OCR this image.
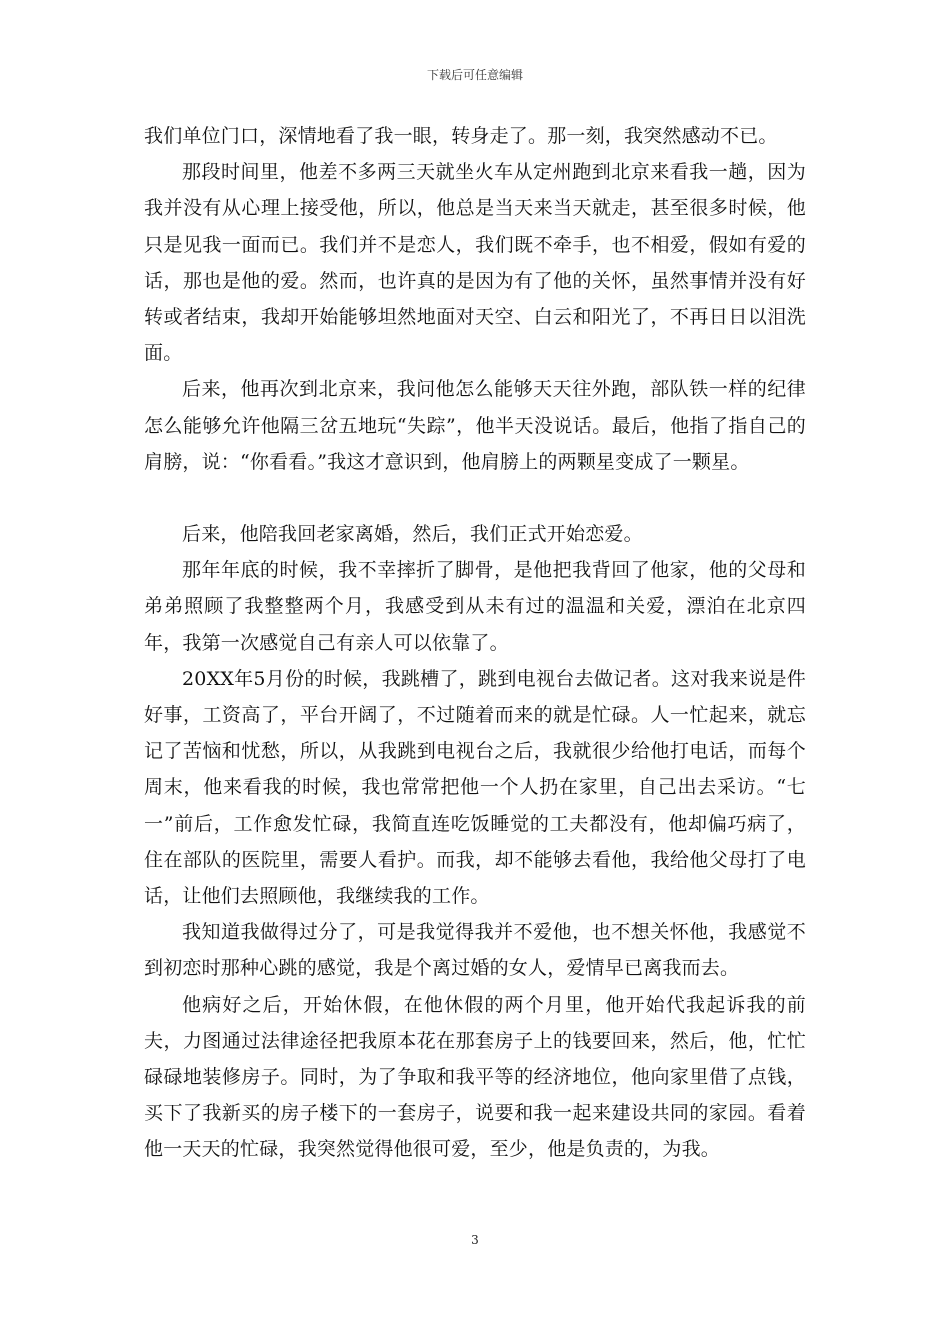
下载后可任意编辑

我们单位门口，深情地看了我一眼，转身走了。那一刻，我突然感动不已。

那段时间里，他差不多两三天就坐火车从定州跑到北京来看我一趟，因为我并没有从心理上接受他，所以，他总是当天来当天就走，甚至很多时候，他只是见我一面而已。我们并不是恋人，我们既不牵手，也不相爱，假如有爱的话，那也是他的爱。然而，也许真的是因为有了他的关怀，虽然事情并没有好转或者结束，我却开始能够坦然地面对天空、白云和阳光了，不再日日以泪洗面。

后来，他再次到北京来，我问他怎么能够天天往外跑，部队铁一样的纪律怎么能够允许他隔三岔五地玩“失踪”，他半天没说话。最后，他指了指自己的肩膀，说：“你看看。”我这才意识到，他肩膀上的两颗星变成了一颗星。

后来，他陪我回老家离婚，然后，我们正式开始恋爱。

那年年底的时候，我不幸摔折了脚骨，是他把我背回了他家，他的父母和弟弟照顾了我整整两个月，我感受到从未有过的温温和关爱，漂泊在北京四年，我第一次感觉自己有亲人可以依靠了。

20XX年5月份的时候，我跳槽了，跳到电视台去做记者。这对我来说是件好事，工资高了，平台开阔了，不过随着而来的就是忙碌。人一忙起来，就忘记了苦恼和忧愁，所以，从我跳到电视台之后，我就很少给他打电话，而每个周末，他来看我的时候，我也常常把他一个人扔在家里，自己出去采访。“七一”前后，工作愈发忙碌，我简直连吃饭睡觉的工夫都没有，他却偏巧病了，住在部队的医院里，需要人看护。而我，却不能够去看他，我给他父母打了电话，让他们去照顾他，我继续我的工作。

我知道我做得过分了，可是我觉得我并不爱他，也不想关怀他，我感觉不到初恋时那种心跳的感觉，我是个离过婚的女人，爱情早已离我而去。

他病好之后，开始休假，在他休假的两个月里，他开始代我起诉我的前夫，力图通过法律途径把我原本花在那套房子上的钱要回来，然后，他，忙忙碌碌地装修房子。同时，为了争取和我平等的经济地位，他向家里借了点钱，买下了我新买的房子楼下的一套房子，说要和我一起来建设共同的家园。看着他一天天的忙碌，我突然觉得他很可爱，至少，他是负责的，为我。

3
